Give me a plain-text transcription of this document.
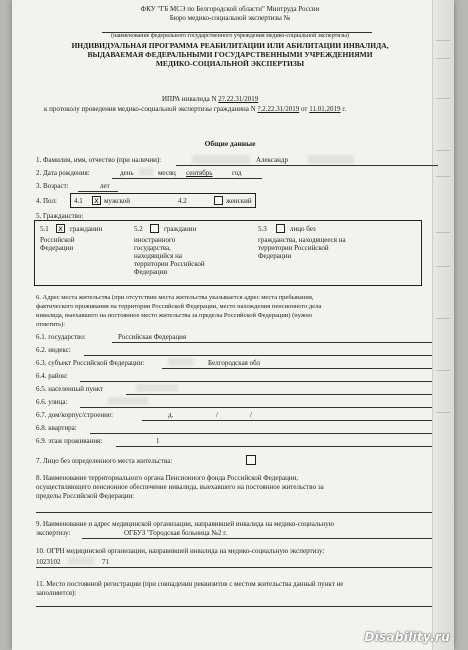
ФКУ "ГБ МСЭ по Белгородской области" Минтруда России
Бюро медико-социальной экспертизы №
(наименование федерального государственного учреждения медико-социальной экспертизы)
ИНДИВИДУАЛЬНАЯ ПРОГРАММА РЕАБИЛИТАЦИИ ИЛИ АБИЛИТАЦИИ ИНВАЛИДА,
ВЫДАВАЕМАЯ ФЕДЕРАЛЬНЫМИ ГОСУДАРСТВЕННЫМИ УЧРЕЖДЕНИЯМИ
МЕДИКО-СОЦИАЛЬНОЙ ЭКСПЕРТИЗЫ
ИПРА инвалида N 2?.22.31/2019
к протоколу проведения медико-социальной экспертизы гражданина N ?.2.22.31/2019 от 11.01.2019 г.
Общие данные
1. Фамилия, имя, отчество (при наличии):	Александр
2. Дата рождения:	день	месяц сентябрь	год
3. Возраст:	лет
4. Пол: 4.1 x мужской	4.2	женский
5. Гражданство:
5.1 x	гражданин
Российской
Федерации
5.2	гражданин
иностранного
государства,
находящийся на
территории Российской
Федерации
5.3	лицо без
гражданства, находящееся на
территории Российской
Федерации
6. Адрес места жительства (при отсутствии места жительства указывается адрес места пребывания,
фактического проживания на территории Российской Федерации, место нахождения пенсионного дела
инвалида, выехавшего на постоянное место жительства за пределы Российской Федерации) (нужно
отметить):
6.1. государство:	Российская Федерация
6.2. индекс:
6.3. субъект Российской Федерации:	Белгородская обл
6.4. район:
6.5. населенный пункт
6.6. улица:
6.7. дом/корпус/строение:	д.	/	/
6.8. квартира:
6.9. этаж проживания:	1
7. Лицо без определенного места жительства:
8. Наименование территориального органа Пенсионного фонда Российской Федерации,
осуществляющего пенсионное обеспечение инвалида, выехавшего на постоянное жительство за
пределы Российской Федерации:
9. Наименование и адрес медицинской организации, направившей инвалида на медико-социальную
экспертизу:	ОГБУЗ "Городская больница №2 г.
10. ОГРН медицинской организации, направившей инвалида на медико-социальную экспертизу:
1023102	71
11. Место постоянной регистрации (при совпадении реквизитов с местом жительства данный пункт не
заполняется):
Disability.ru
